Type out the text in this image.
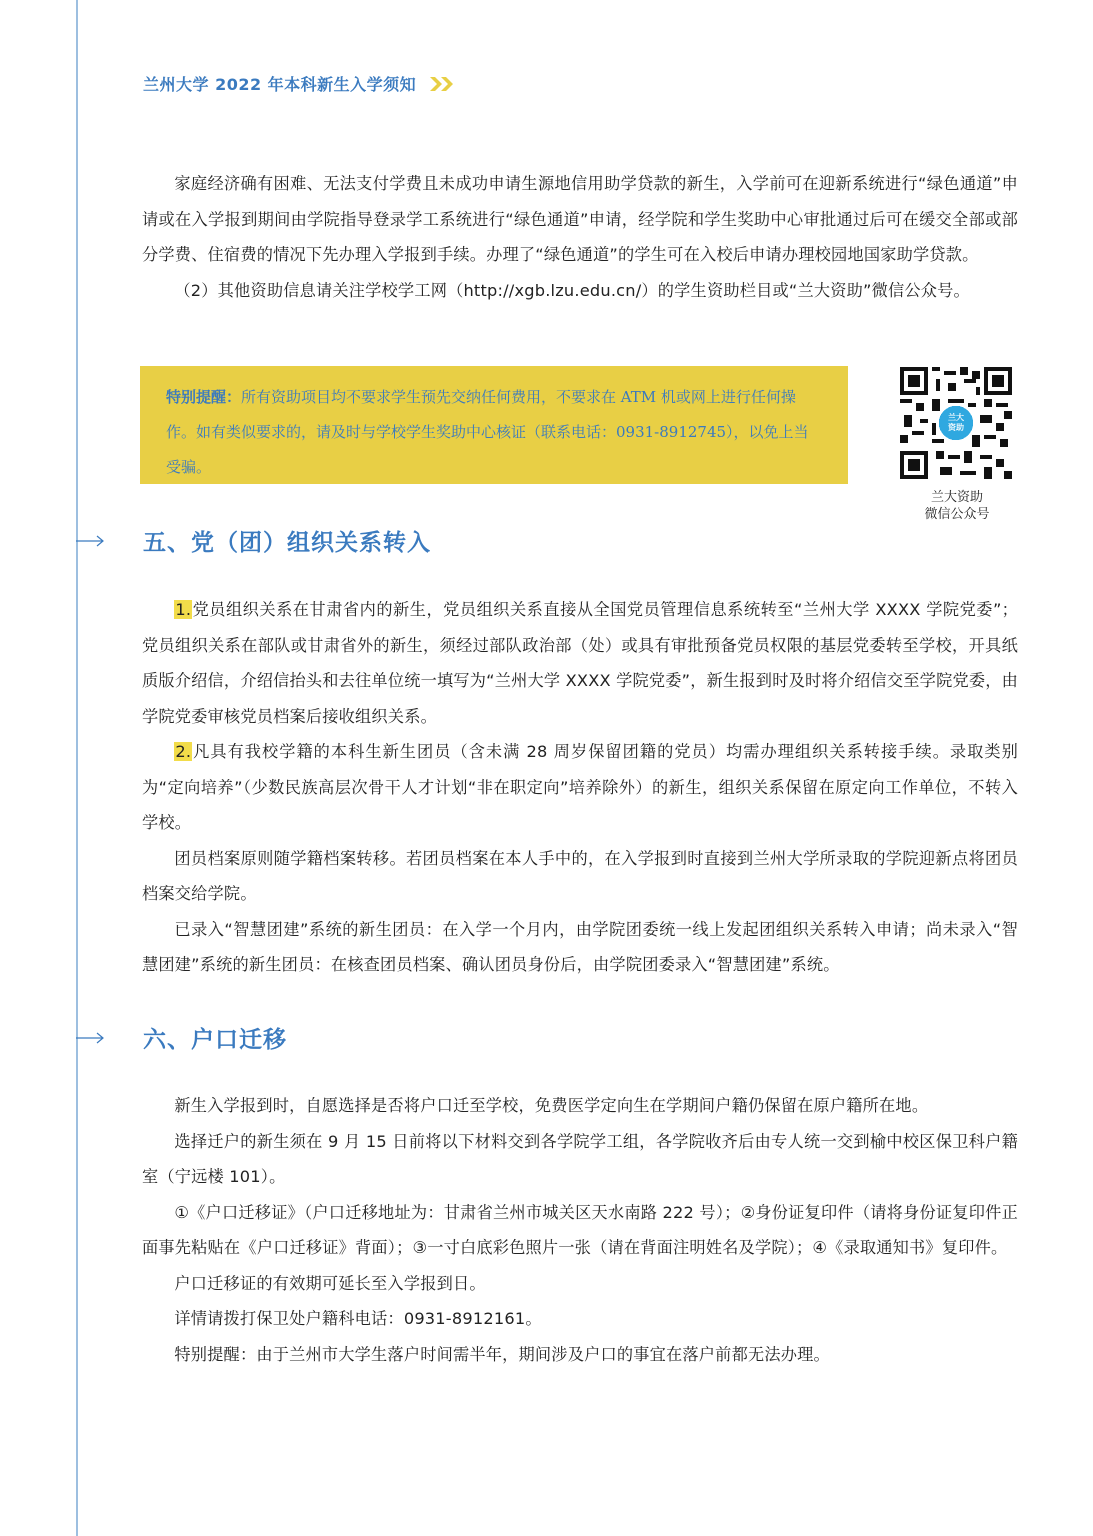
兰州大学 2022 年本科新生入学须知

家庭经济确有困难、无法支付学费且未成功申请生源地信用助学贷款的新生，入学前可在迎新系统进行“绿色通道”申请或在入学报到期间由学院指导登录学工系统进行“绿色通道”申请，经学院和学生奖助中心审批通过后可在缓交全部或部分学费、住宿费的情况下先办理入学报到手续。办理了“绿色通道”的学生可在入校后申请办理校园地国家助学贷款。

（2）其他资助信息请关注学校学工网（http://xgb.lzu.edu.cn/）的学生资助栏目或“兰大资助”微信公众号。

特别提醒：所有资助项目均不要求学生预先交纳任何费用，不要求在 ATM 机或网上进行任何操作。如有类似要求的，请及时与学校学生奖助中心核证（联系电话：0931-8912745），以免上当受骗。
兰大
资助
兰大资助
微信公众号
五、党（团）组织关系转入

1.党员组织关系在甘肃省内的新生，党员组织关系直接从全国党员管理信息系统转至“兰州大学 XXXX 学院党委”；党员组织关系在部队或甘肃省外的新生，须经过部队政治部（处）或具有审批预备党员权限的基层党委转至学校，开具纸质版介绍信，介绍信抬头和去往单位统一填写为“兰州大学 XXXX 学院党委”，新生报到时及时将介绍信交至学院党委，由学院党委审核党员档案后接收组织关系。

2.凡具有我校学籍的本科生新生团员（含未满 28 周岁保留团籍的党员）均需办理组织关系转接手续。录取类别为“定向培养”（少数民族高层次骨干人才计划“非在职定向”培养除外）的新生，组织关系保留在原定向工作单位，不转入学校。

团员档案原则随学籍档案转移。若团员档案在本人手中的，在入学报到时直接到兰州大学所录取的学院迎新点将团员档案交给学院。

已录入“智慧团建”系统的新生团员：在入学一个月内，由学院团委统一线上发起团组织关系转入申请；尚未录入“智慧团建”系统的新生团员：在核查团员档案、确认团员身份后，由学院团委录入“智慧团建”系统。

六、户口迁移

新生入学报到时，自愿选择是否将户口迁至学校，免费医学定向生在学期间户籍仍保留在原户籍所在地。

选择迁户的新生须在 9 月 15 日前将以下材料交到各学院学工组，各学院收齐后由专人统一交到榆中校区保卫科户籍室（宁远楼 101）。

①《户口迁移证》（户口迁移地址为：甘肃省兰州市城关区天水南路 222 号）；②身份证复印件（请将身份证复印件正面事先粘贴在《户口迁移证》背面）；③一寸白底彩色照片一张（请在背面注明姓名及学院）；④《录取通知书》复印件。

户口迁移证的有效期可延长至入学报到日。

详情请拨打保卫处户籍科电话：0931-8912161。

特别提醒：由于兰州市大学生落户时间需半年，期间涉及户口的事宜在落户前都无法办理。
